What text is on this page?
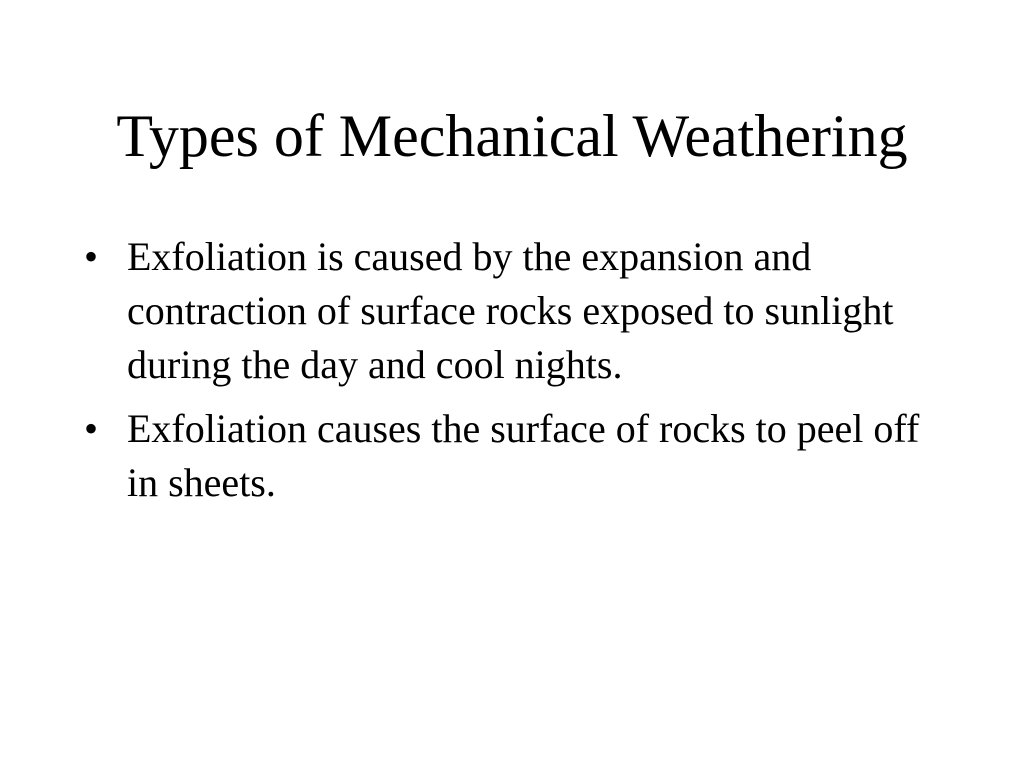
Types of Mechanical Weathering
• Exfoliation is caused by the expansion and contraction of surface rocks exposed to sunlight during the day and cool nights.
• Exfoliation causes the surface of rocks to peel off in sheets.
